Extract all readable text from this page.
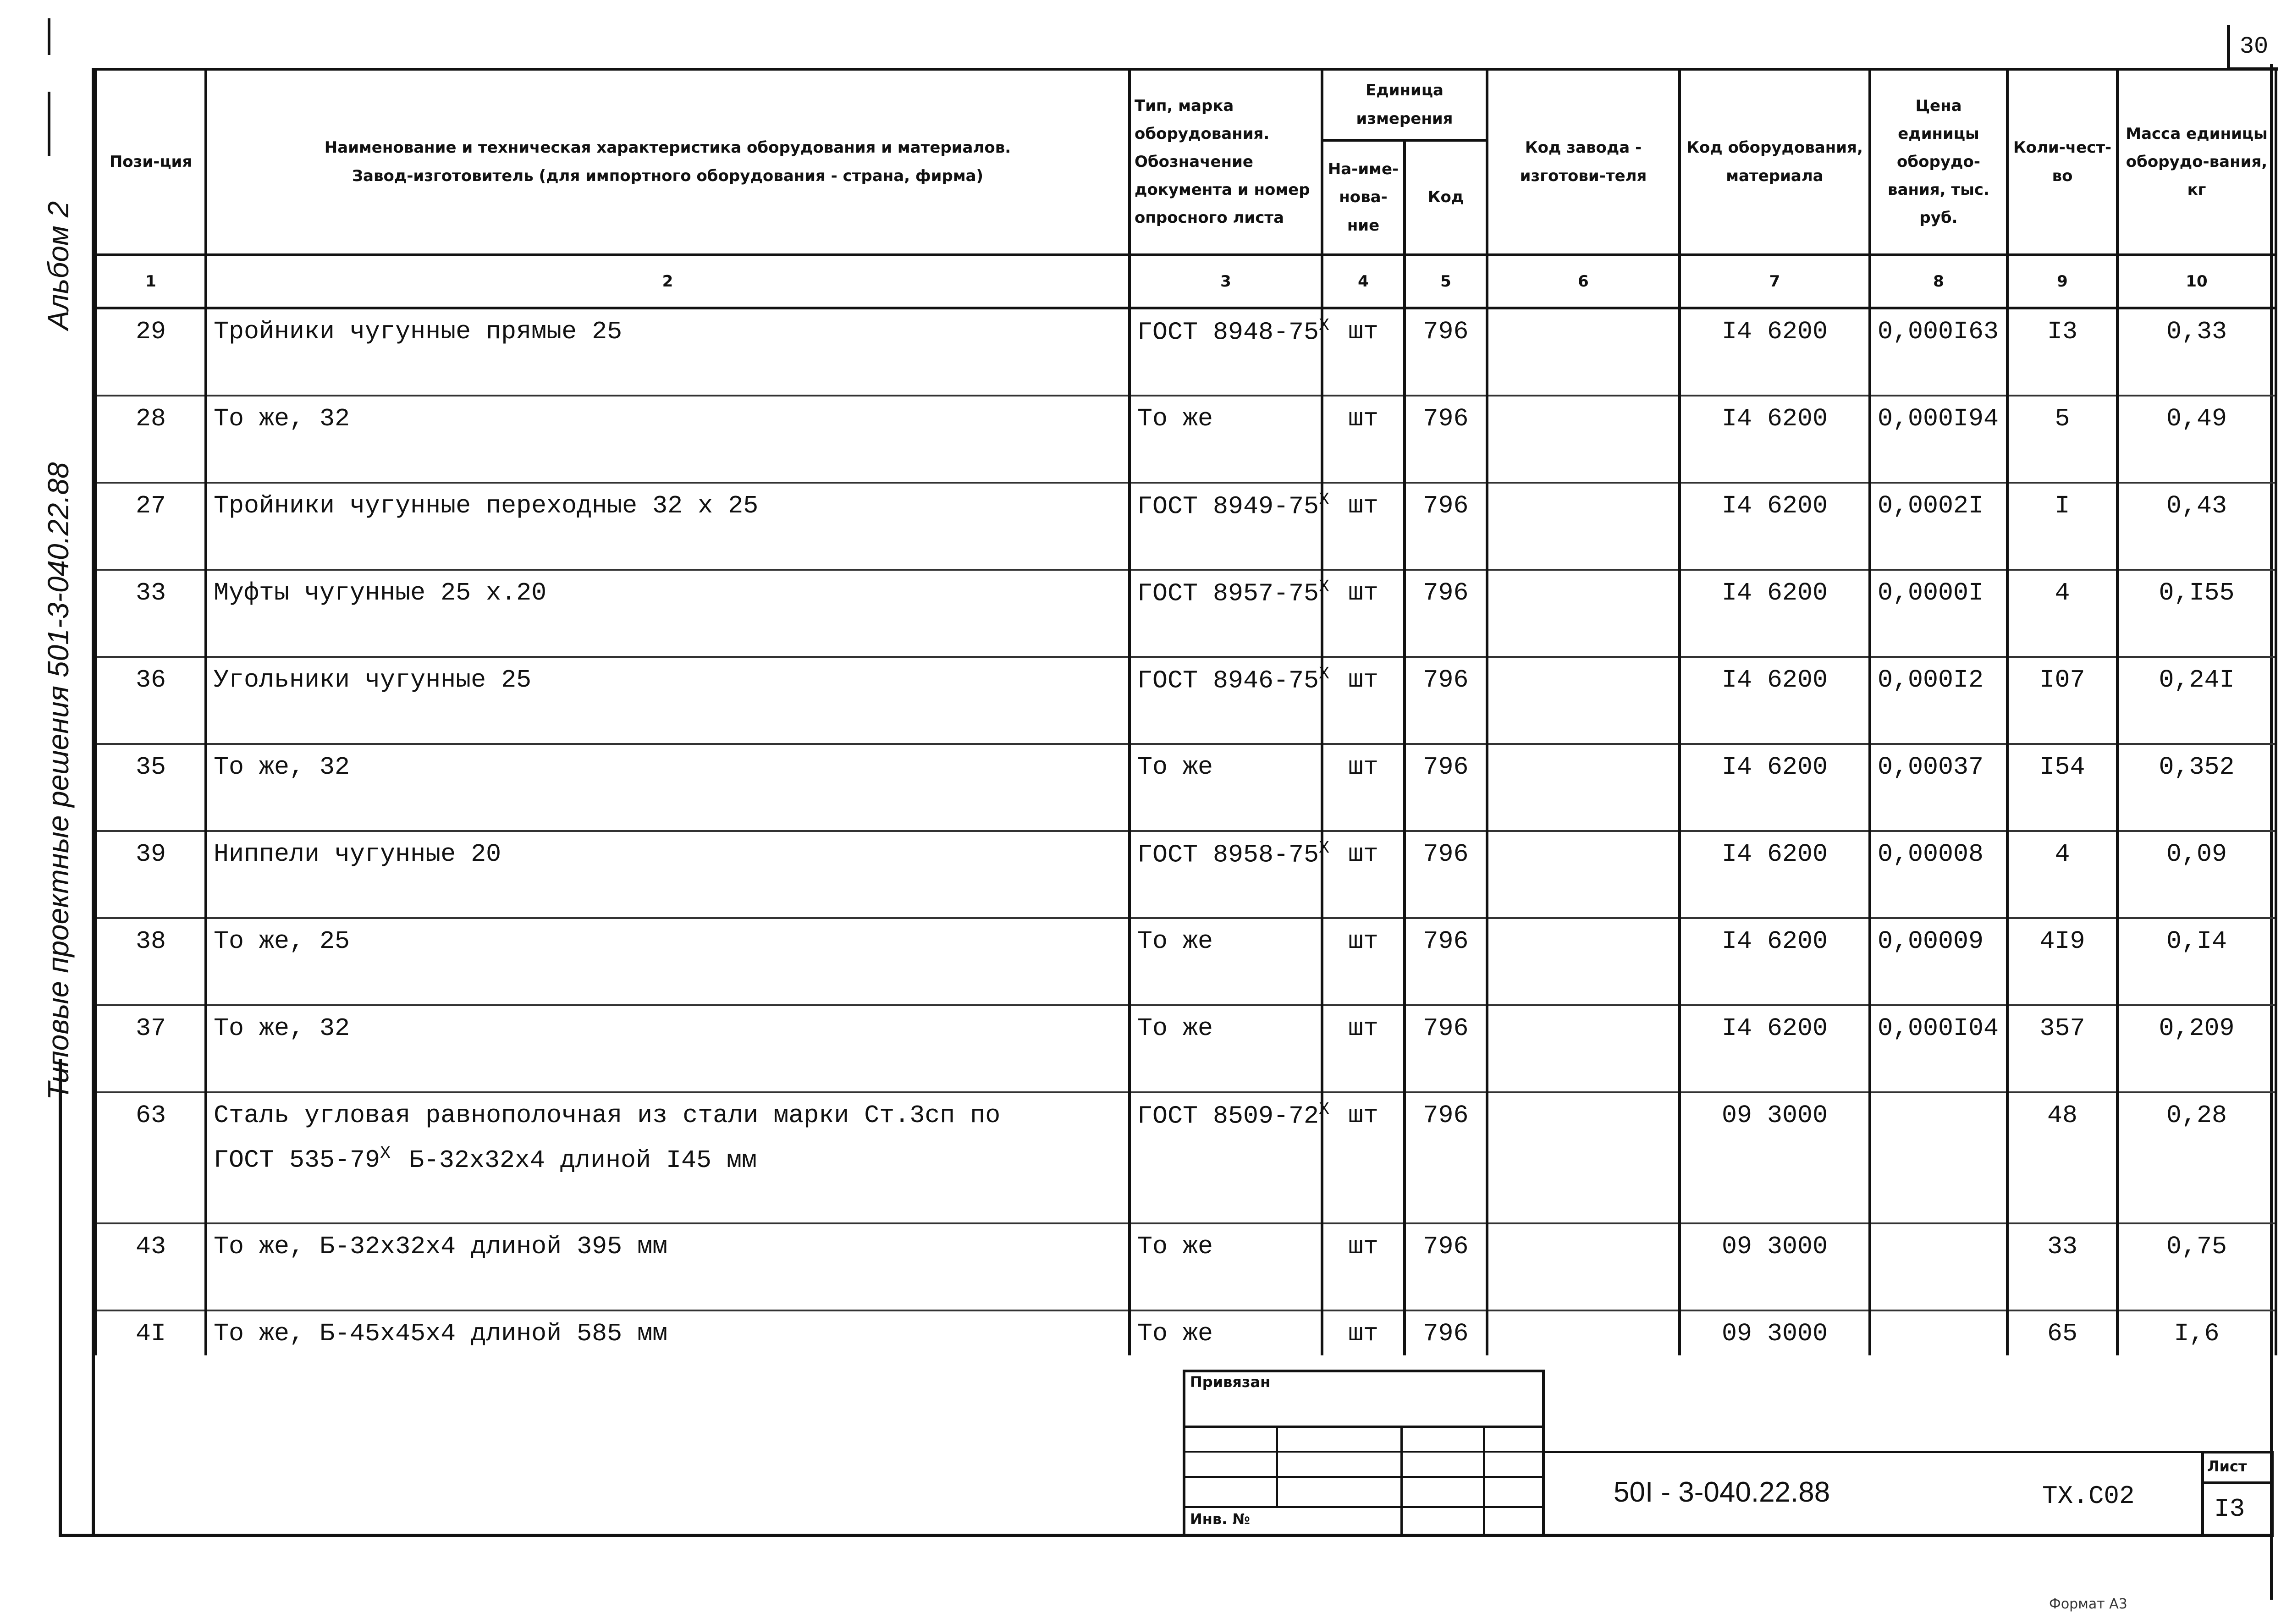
30
Альбом 2
Типовые проектные решения 501-3-040.22.88
Пози-ция	Наименование и техническая характеристика оборудования и материалов.
Завод-изготовитель (для импортного оборудования - страна, фирма)	Тип, марка оборудования. Обозначение документа и номер опросного листа	Единица измерения		Код завода - изготови-теля	Код оборудования, материала	Цена единицы оборудо-вания, тыс. руб.	Коли-чест-во	Масса единицы оборудо-вания, кг
			На-име-нова-ние	Код					
1	2	3	4	5	6	7	8	9	10
29	Тройники чугунные прямые 25	ГОСТ $8948-75^X$	шт	796		I4 6200	0,000I63	I3	0,33

28	То же, 32	То же	шт	796		I4 6200	0,000I94	5	0,49

27	Тройники чугунные переходные 32 х 25	ГОСТ $8949-75^X$	шт	796		I4 6200	0,0002I	I	0,43

33	Муфты чугунные 25 х.20	ГОСТ $8957-75^X$	шт	796		I4 6200	0,0000I	4	0,I55

36	Угольники чугунные 25	ГОСТ $8946-75^X$	шт	796		I4 6200	0,000I2	I07	0,24I

35	То же, 32	То же	шт	796		I4 6200	0,00037	I54	0,352

39	Ниппели чугунные 20	ГОСТ $8958-75^X$	шт	796		I4 6200	0,00008	4	0,09

38	То же, 25	То же	шт	796		I4 6200	0,00009	4I9	0,I4

37	То же, 32	То же	шт	796		I4 6200	0,000I04	357	0,209

63	Сталь угловая равнополочная из стали марки Ст.3сп по	ГОСТ $8509-72^X$	шт	796		09 3000		48	0,28
	ГОСТ $535-79^X$ Б-32х32х4 длиной I45 мм								

43	То же, Б-32х32х4 длиной 395 мм	То же	шт	796		09 3000		33	0,75

4I	То же, Б-45х45х4 длиной 585 мм	То же	шт	796		09 3000		65	I,6
Привязан
Инв. №
50I - 3-040.22.88	ТХ.С02
Лист
I3
Формат А3
